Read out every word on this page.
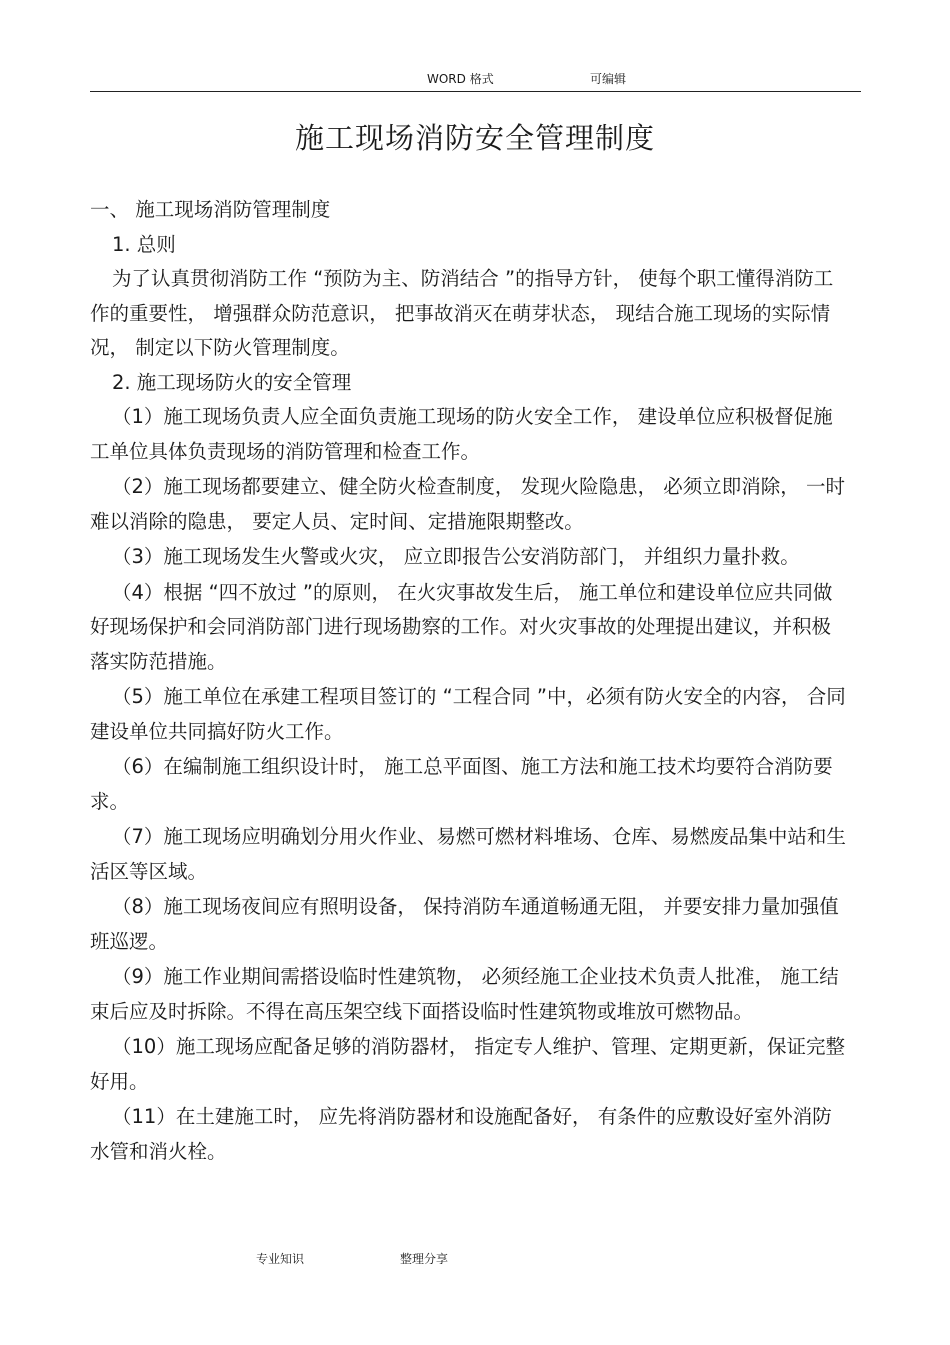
WORD 格式	可编辑
施工现场消防安全管理制度

一、 施工现场消防管理制度

1. 总则

为了认真贯彻消防工作 “预防为主、防消结合 ”的指导方针， 使每个职工懂得消防工作的重要性， 增强群众防范意识， 把事故消灭在萌芽状态， 现结合施工现场的实际情况， 制定以下防火管理制度。

2. 施工现场防火的安全管理

（1）施工现场负责人应全面负责施工现场的防火安全工作， 建设单位应积极督促施工单位具体负责现场的消防管理和检查工作。

（2）施工现场都要建立、健全防火检查制度， 发现火险隐患， 必须立即消除， 一时难以消除的隐患， 要定人员、定时间、定措施限期整改。

（3）施工现场发生火警或火灾， 应立即报告公安消防部门， 并组织力量扑救。

（4）根据 “四不放过 ”的原则， 在火灾事故发生后， 施工单位和建设单位应共同做好现场保护和会同消防部门进行现场勘察的工作。对火灾事故的处理提出建议，并积极落实防范措施。

（5）施工单位在承建工程项目签订的 “工程合同 ”中，必须有防火安全的内容， 合同建设单位共同搞好防火工作。

（6）在编制施工组织设计时， 施工总平面图、施工方法和施工技术均要符合消防要求。

（7）施工现场应明确划分用火作业、易燃可燃材料堆场、仓库、易燃废品集中站和生活区等区域。

（8）施工现场夜间应有照明设备， 保持消防车通道畅通无阻， 并要安排力量加强值班巡逻。

（9）施工作业期间需搭设临时性建筑物， 必须经施工企业技术负责人批准， 施工结束后应及时拆除。不得在高压架空线下面搭设临时性建筑物或堆放可燃物品。

（10）施工现场应配备足够的消防器材， 指定专人维护、管理、定期更新，保证完整好用。

（11）在土建施工时， 应先将消防器材和设施配备好， 有条件的应敷设好室外消防水管和消火栓。

专业知识	整理分享
